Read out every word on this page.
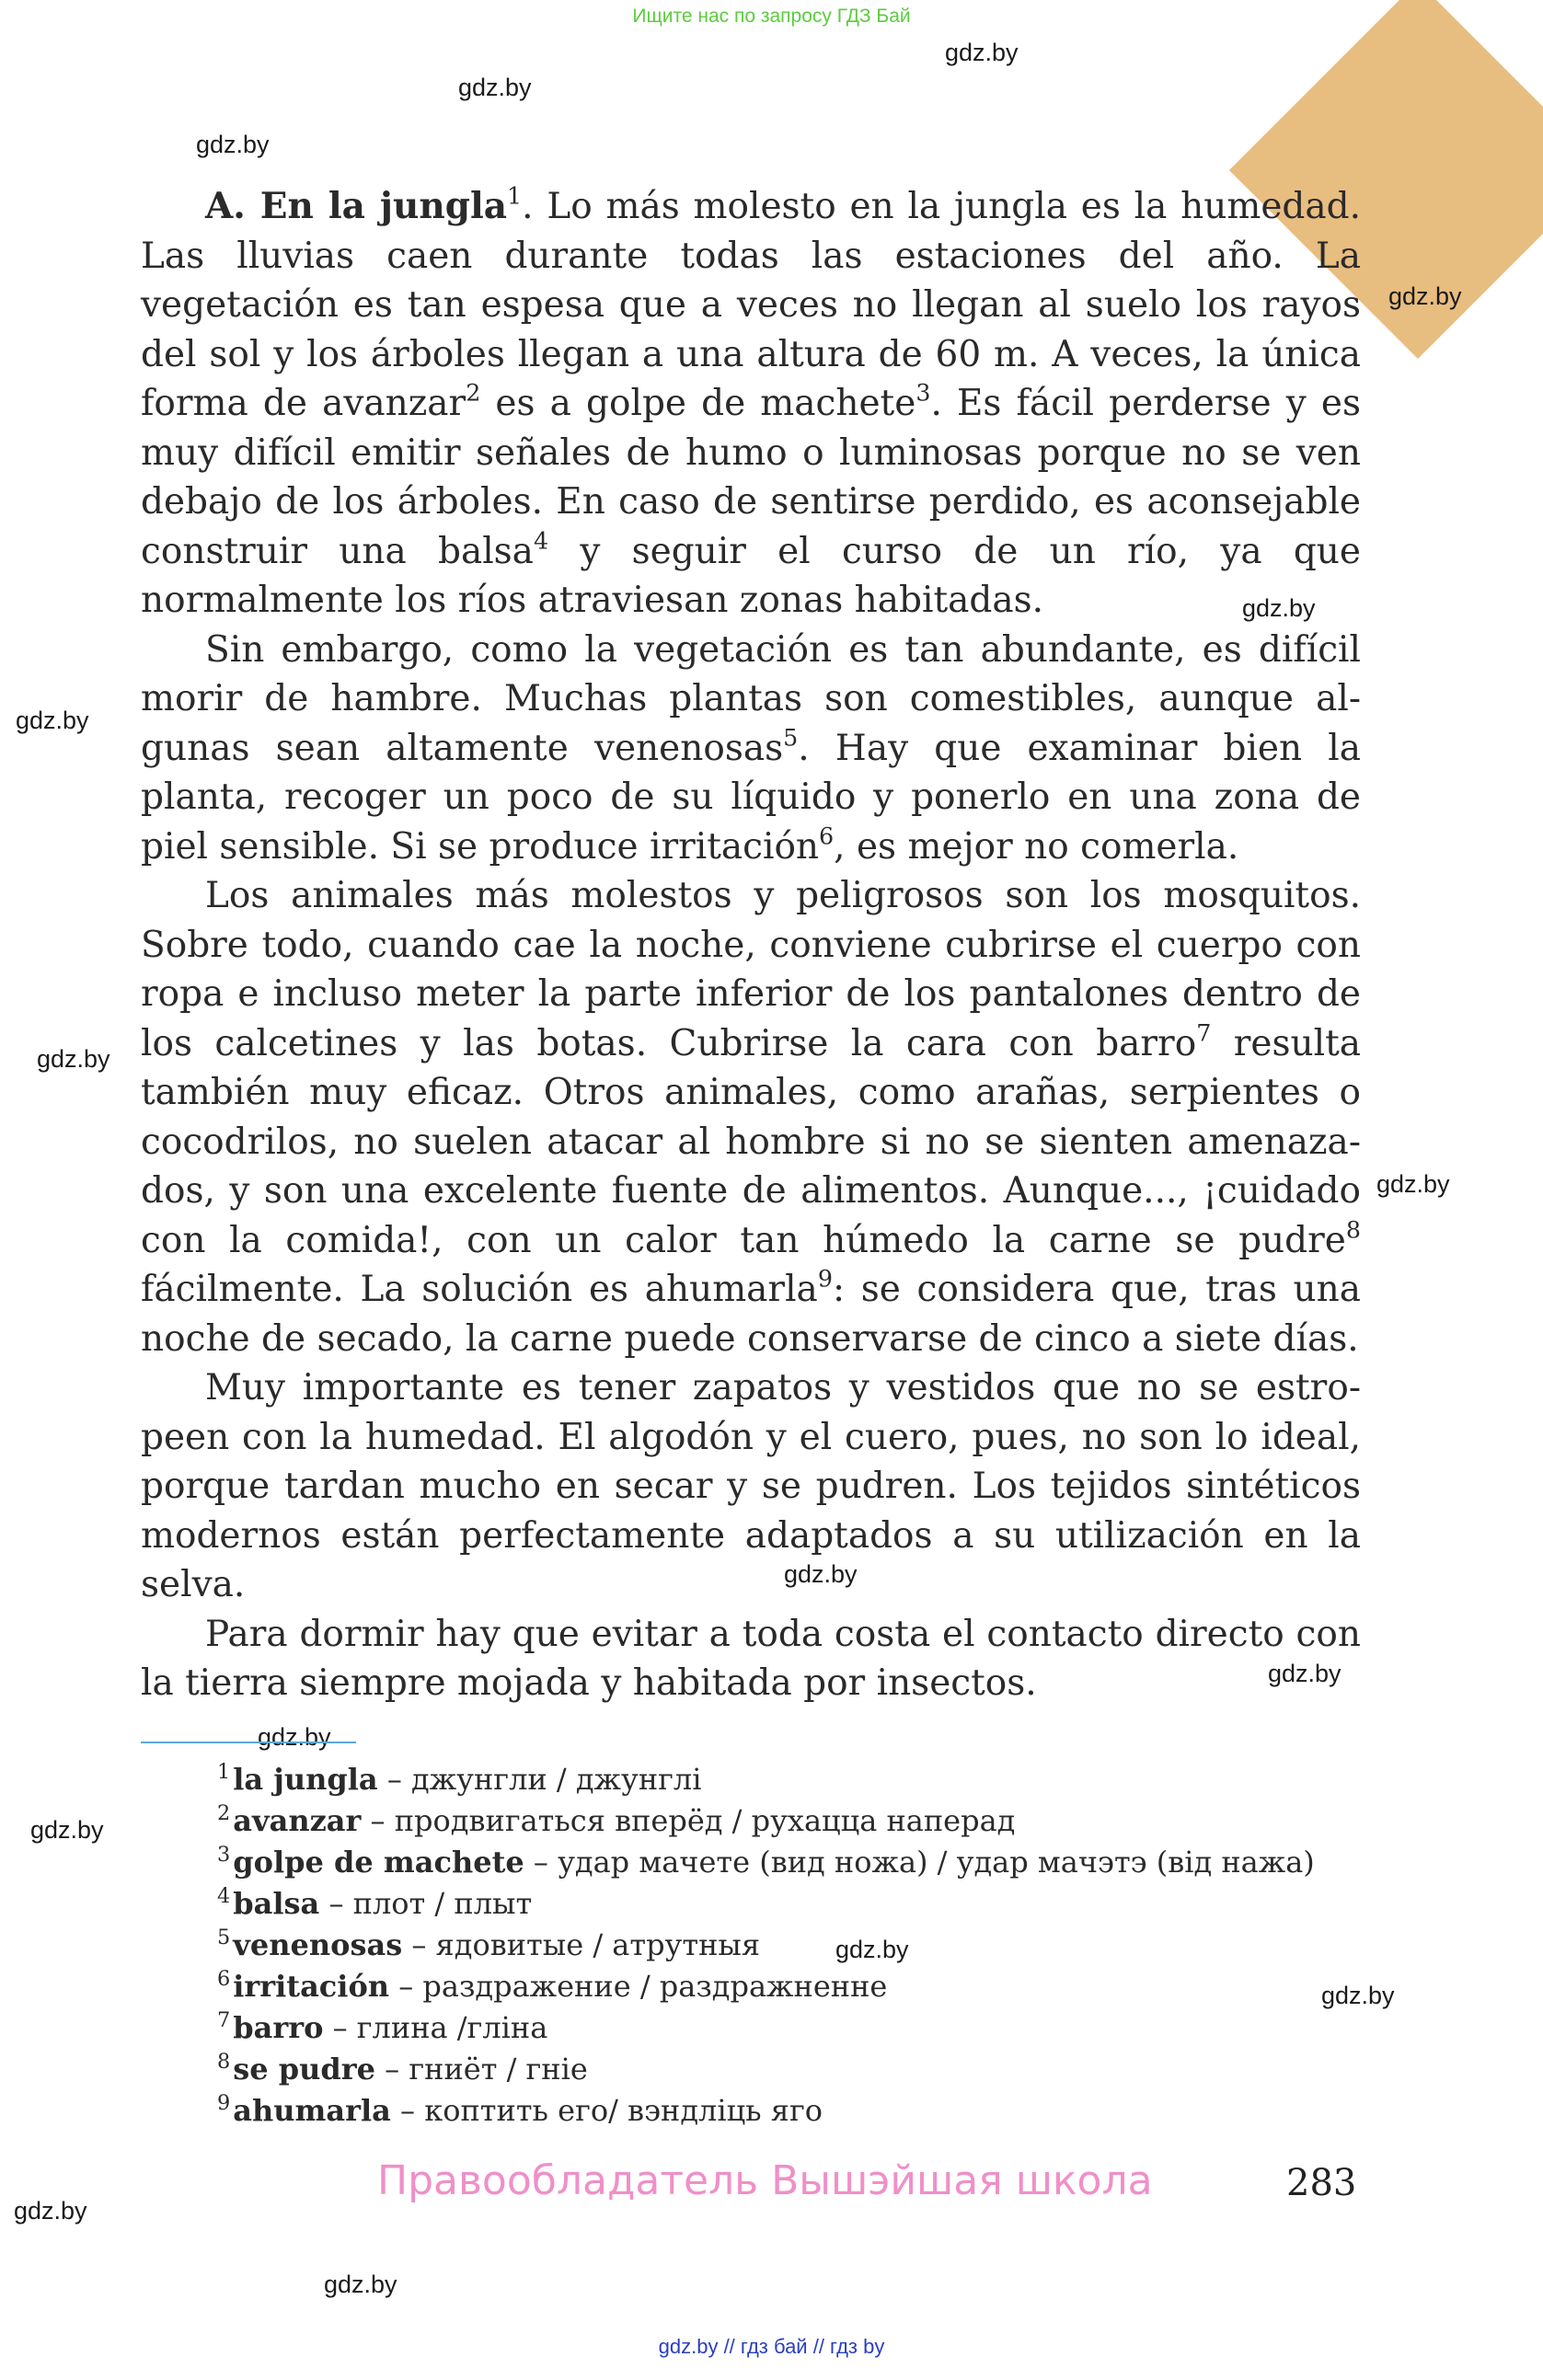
Ищите нас по запросу ГДЗ Бай
gdz.by
gdz.by
gdz.by
gdz.by
gdz.by
gdz.by
gdz.by
gdz.by
gdz.by
gdz.by
gdz.by
gdz.by
gdz.by
gdz.by
gdz.by
gdz.by

A. En la jungla$^1$. Lo más molesto en la jungla es la humedad. Las lluvias caen durante todas las estaciones del año. La vegetación es tan espesa que a veces no llegan al suelo los rayos del sol y los árboles llegan a una altura de 60 m. A veces, la única forma de avanzar$^2$ es a golpe de machete$^3$. Es fácil perderse y es muy difícil emitir señales de humo o luminosas porque no se ven debajo de los árboles. En caso de sentirse perdido, es aconsejable construir una balsa$^4$ y seguir el curso de un río, ya que normalmente los ríos atraviesan zonas habitadas.

Sin embargo, como la vegetación es tan abundante, es difícil morir de hambre. Muchas plantas son comestibles, aunque algunas sean altamente venenosas$^5$. Hay que examinar bien la planta, recoger un poco de su líquido y ponerlo en una zona de piel sensible. Si se produce irritación$^6$, es mejor no comerla.

Los animales más molestos y peligrosos son los mosquitos. Sobre todo, cuando cae la noche, conviene cubrirse el cuerpo con ropa e incluso meter la parte inferior de los pantalones dentro de los calcetines y las botas. Cubrirse la cara con barro$^7$ resulta también muy eficaz. Otros animales, como arañas, serpientes o cocodrilos, no suelen atacar al hombre si no se sienten amenazados, y son una excelente fuente de alimentos. Aunque..., ¡cuidado con la comida!, con un calor tan húmedo la carne se pudre$^8$ fácilmente. La solución es ahumarla$^9$: se considera que, tras una noche de secado, la carne puede conservarse de cinco a siete días.

Muy importante es tener zapatos y vestidos que no se estropeen con la humedad. El algodón y el cuero, pues, no son lo ideal, porque tardan mucho en secar y se pudren. Los tejidos sintéticos modernos están perfectamente adaptados a su utilización en la selva.

Para dormir hay que evitar a toda costa el contacto directo con la tierra siempre mojada y habitada por insectos.

$^1$la jungla – джунгли / джунглі
$^2$avanzar – продвигаться вперёд / рухацца наперад
$^3$golpe de machete – удар мачете (вид ножа) / удар мачэтэ (від нажа)
$^4$balsa – плот / плыт
$^5$venenosas – ядовитые / атрутныя
$^6$irritación – раздражение / раздражненне
$^7$barro – глина /гліна
$^8$se pudre – гниёт / гніе
$^9$ahumarla – коптить его/ вэндліць яго
Правообладатель Вышэйшая школа	283
gdz.by // гдз бай // гдз by
